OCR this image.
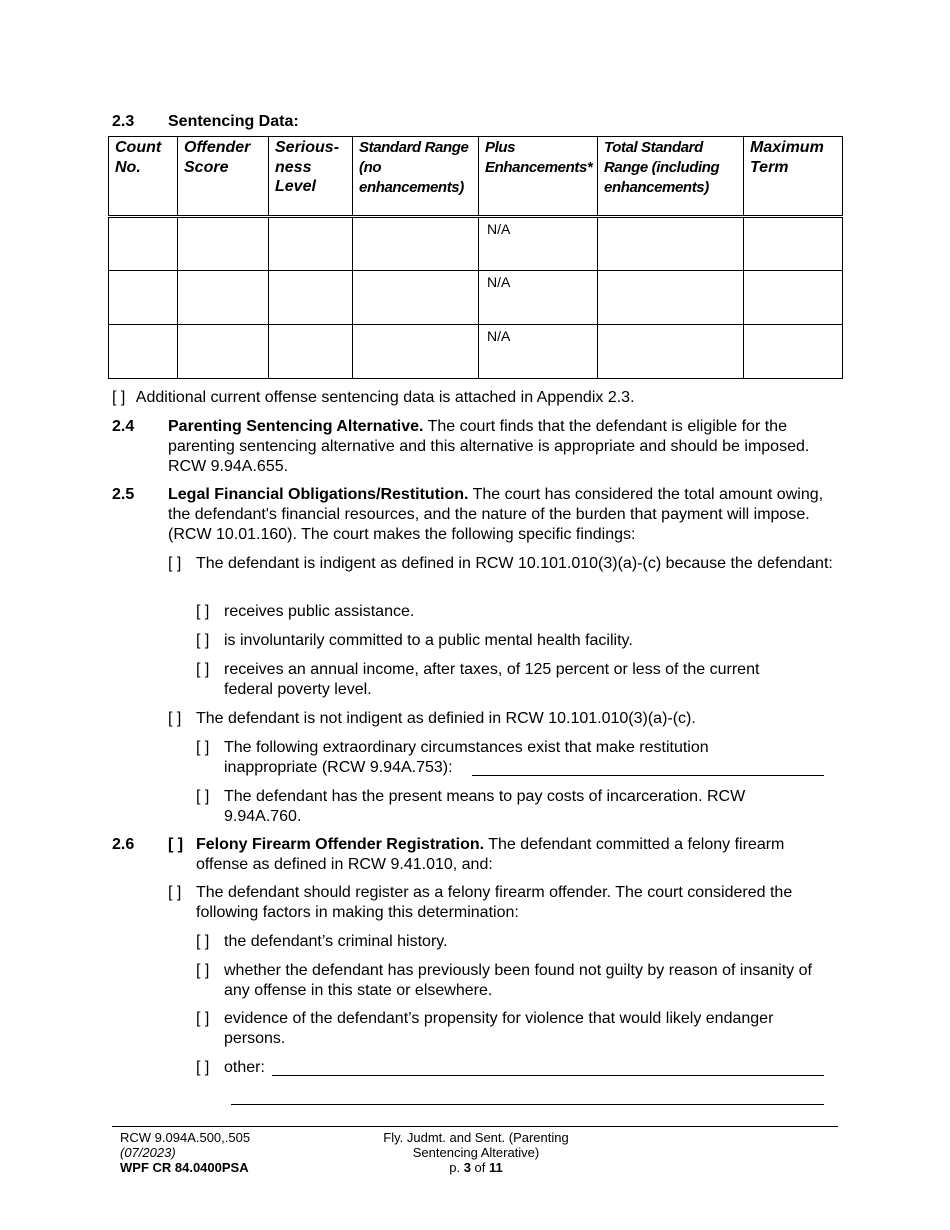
2.3 Sentencing Data:
Count No.	Offender Score	Serious-ness Level	Standard Range (no enhancements)	Plus Enhancements*	Total Standard Range (including enhancements)	Maximum Term
				N/A		
				N/A		
				N/A		
[ ] Additional current offense sentencing data is attached in Appendix 2.3.
2.4 Parenting Sentencing Alternative. The court finds that the defendant is eligible for the parenting sentencing alternative and this alternative is appropriate and should be imposed. RCW 9.94A.655.
2.5 Legal Financial Obligations/Restitution. The court has considered the total amount owing, the defendant's financial resources, and the nature of the burden that payment will impose. (RCW 10.01.160). The court makes the following specific findings:
[ ] The defendant is indigent as defined in RCW 10.101.010(3)(a)-(c) because the defendant:
[ ] receives public assistance.
[ ] is involuntarily committed to a public mental health facility.
[ ] receives an annual income, after taxes, of 125 percent or less of the current federal poverty level.
[ ] The defendant is not indigent as definied in RCW 10.101.010(3)(a)-(c).
[ ] The following extraordinary circumstances exist that make restitution inappropriate (RCW 9.94A.753):
[ ] The defendant has the present means to pay costs of incarceration. RCW 9.94A.760.
2.6 [ ] Felony Firearm Offender Registration. The defendant committed a felony firearm offense as defined in RCW 9.41.010, and:
[ ] The defendant should register as a felony firearm offender. The court considered the following factors in making this determination:
[ ] the defendant’s criminal history.
[ ] whether the defendant has previously been found not guilty by reason of insanity of any offense in this state or elsewhere.
[ ] evidence of the defendant’s propensity for violence that would likely endanger persons.
[ ] other:
RCW 9.094A.500,.505
(07/2023)
WPF CR 84.0400PSA
Fly. Judmt. and Sent. (Parenting
Sentencing Alterative)
p. 3 of 11
